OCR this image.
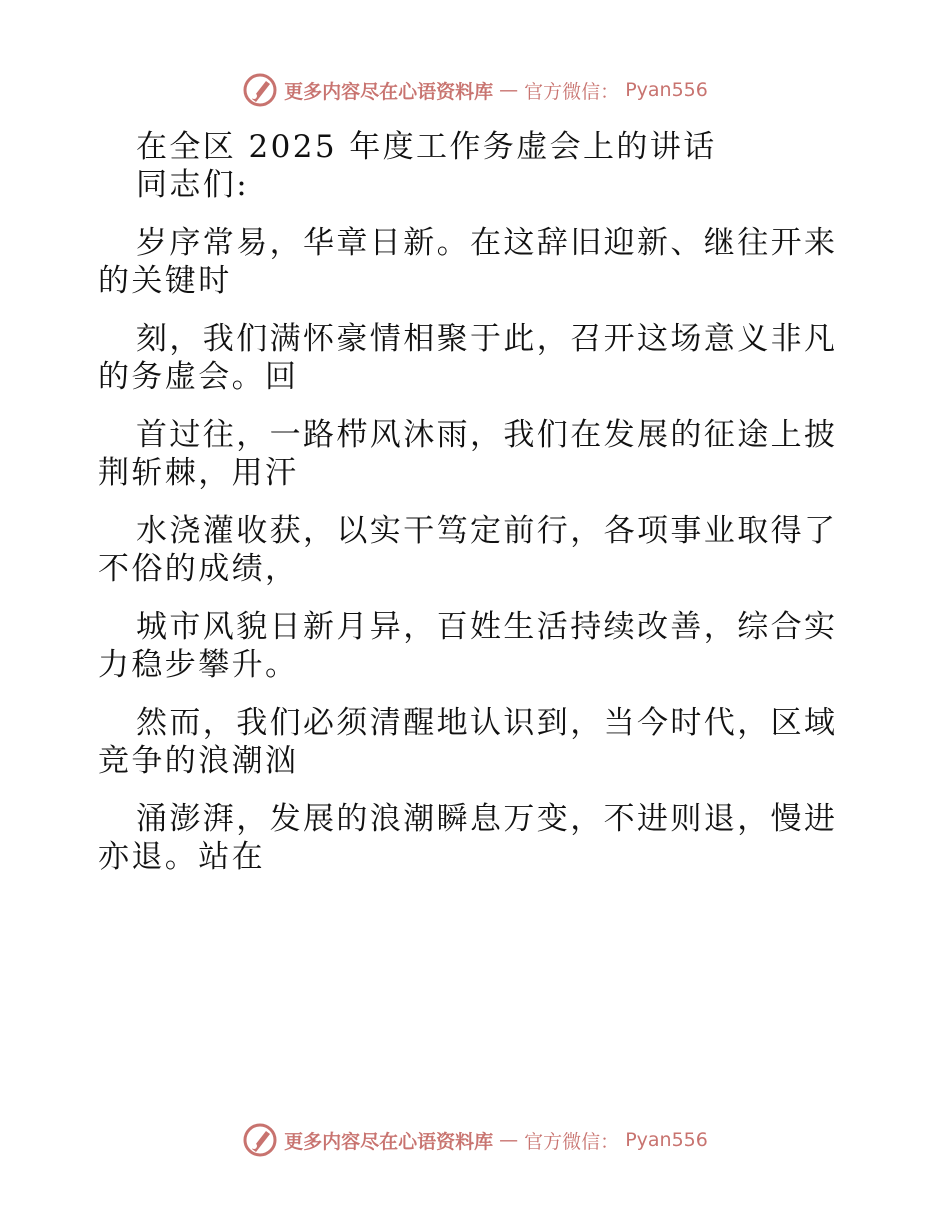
更多内容尽在心语资料库 — 官方微信： Pyan556
在全区 2025 年度工作务虚会上的讲话
同志们:
岁序常易，华章日新。在这辞旧迎新、继往开来
的关键时
刻，我们满怀豪情相聚于此，召开这场意义非凡
的务虚会。回
首过往，一路栉风沐雨，我们在发展的征途上披
荆斩棘，用汗
水浇灌收获，以实干笃定前行，各项事业取得了
不俗的成绩，
城市风貌日新月异，百姓生活持续改善，综合实
力稳步攀升。
然而，我们必须清醒地认识到，当今时代，区域
竞争的浪潮汹
涌澎湃，发展的浪潮瞬息万变，不进则退，慢进
亦退。站在
更多内容尽在心语资料库 — 官方微信： Pyan556
